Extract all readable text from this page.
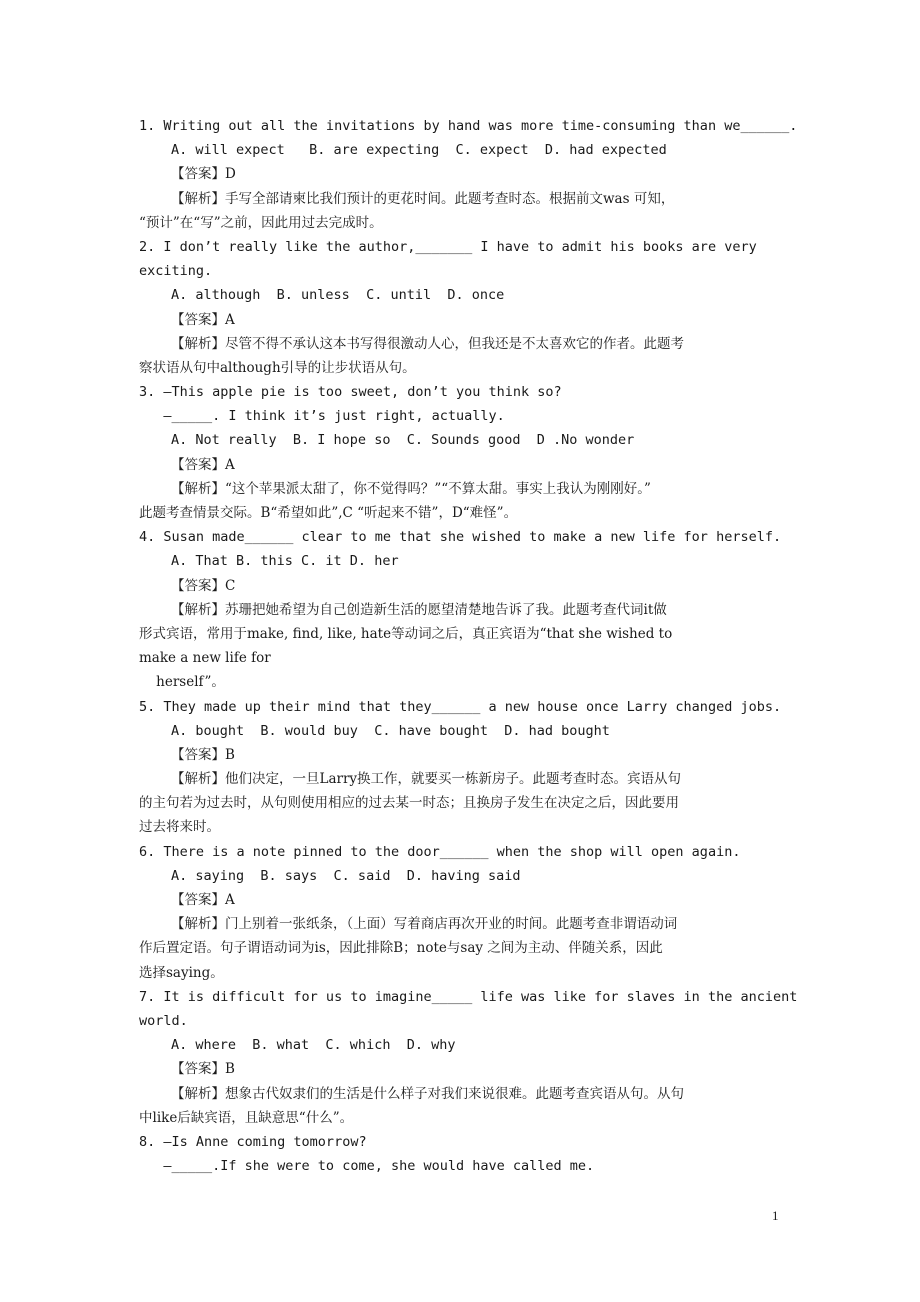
1. Writing out all the invitations by hand was more time-consuming than we______.
A. will expect   B. are expecting  C. expect  D. had expected
【答案】D
【解析】手写全部请柬比我们预计的更花时间。此题考查时态。根据前文was 可知，
“预计”在“写”之前，因此用过去完成时。
2. I don’t really like the author,_______ I have to admit his books are very
exciting.
A. although  B. unless  C. until  D. once
【答案】A
【解析】尽管不得不承认这本书写得很激动人心，但我还是不太喜欢它的作者。此题考
察状语从句中although引导的让步状语从句。
3. —This apple pie is too sweet, don’t you think so?
—_____. I think it’s just right, actually.
A. Not really  B. I hope so  C. Sounds good  D .No wonder
【答案】A
【解析】“这个苹果派太甜了，你不觉得吗？”“不算太甜。事实上我认为刚刚好。”
此题考查情景交际。B“希望如此”,C “听起来不错”，D“难怪”。
4. Susan made______ clear to me that she wished to make a new life for herself.
A. That B. this C. it D. her
【答案】C
【解析】苏珊把她希望为自己创造新生活的愿望清楚地告诉了我。此题考查代词it做
形式宾语，常用于make, find, like, hate等动词之后，真正宾语为“that she wished to
make a new life for
herself”。
5. They made up their mind that they______ a new house once Larry changed jobs.
A. bought  B. would buy  C. have bought  D. had bought
【答案】B
【解析】他们决定，一旦Larry换工作，就要买一栋新房子。此题考查时态。宾语从句
的主句若为过去时，从句则使用相应的过去某一时态；且换房子发生在决定之后，因此要用
过去将来时。
6. There is a note pinned to the door______ when the shop will open again.
A. saying  B. says  C. said  D. having said
【答案】A
【解析】门上别着一张纸条，（上面）写着商店再次开业的时间。此题考查非谓语动词
作后置定语。句子谓语动词为is，因此排除B；note与say 之间为主动、伴随关系，因此
选择saying。
7. It is difficult for us to imagine_____ life was like for slaves in the ancient
world.
A. where  B. what  C. which  D. why
【答案】B
【解析】想象古代奴隶们的生活是什么样子对我们来说很难。此题考查宾语从句。从句
中like后缺宾语，且缺意思“什么”。
8. —Is Anne coming tomorrow?
—_____.If she were to come, she would have called me.
1
